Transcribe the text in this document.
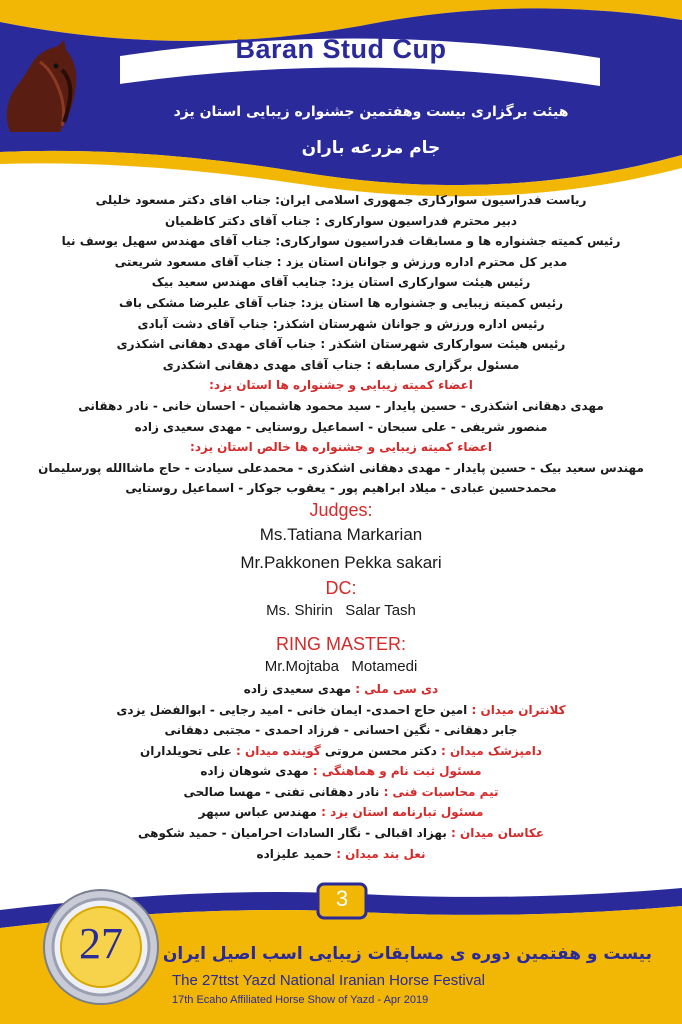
Baran Stud Cup
هیئت برگزاری بیست وهفتمین جشنواره زیبایی استان یزد
جام مزرعه باران
ریاست فدراسیون سوارکاری جمهوری اسلامی ایران: جناب اقای دکتر مسعود خلیلی
دبیر محترم فدراسیون سوارکاری : جناب آقای دکتر کاظمیان
رئیس کمیته جشنواره ها و مسابقات فدراسیون سوارکاری: جناب آقای مهندس سهیل یوسف نیا
مدیر کل محترم اداره ورزش و جوانان استان یزد : جناب آقای مسعود شریعتی
رئیس هیئت سوارکاری استان یزد: جنایب آقای مهندس سعید بیک
رئیس کمیته زیبایی و جشنواره ها استان یزد: جناب آقای علیرضا مشکی باف
رئیس اداره ورزش و جوانان شهرستان اشکذر: جناب آقای دشت آبادی
رئیس هیئت سوارکاری شهرستان اشکذر : جناب آقای مهدی دهقانی اشکذری
مسئول برگزاری مسابقه : جناب آقای مهدی دهقانی اشکذری
اعضاء کمیته زیبایی و جشنواره ها استان یزد:
مهدی دهقانی اشکذری - حسین پایدار - سید محمود هاشمیان - احسان خانی - نادر دهقانی
منصور شریفی - علی سبحان - اسماعیل روستایی - مهدی سعیدی زاده
اعضاء کمیته زیبایی و جشنواره ها خالص استان یزد:
مهندس سعید بیک - حسین پایدار - مهدی دهقانی اشکذری - محمدعلی سیادت - حاج ماشاالله پورسلیمان
محمدحسین عبادی - میلاد ابراهیم پور - یعقوب جوکار - اسماعیل روستایی
Judges:
Ms.Tatiana Markarian
Mr.Pakkonen Pekka sakari
DC:
Ms. Shirin   Salar Tash
RING MASTER:
Mr.Mojtaba   Motamedi
دی سی ملی : مهدی سعیدی زاده
کلانتران میدان : امین حاج احمدی- ایمان خانی - امید رجایی - ابوالفضل یزدی
جابر دهقانی - نگین احسانی - فرزاد احمدی - مجتبی دهقانی
دامپزشک میدان : دکتر محسن مروتی گوینده میدان : علی تحویلداران
مسئول ثبت نام و هماهنگی : مهدی شوهان زاده
تیم محاسبات فنی : نادر دهقانی تفتی - مهسا صالحی
مسئول تبارنامه استان یزد : مهندس عباس سپهر
عکاسان میدان : بهزاد اقبالی - نگار السادات احرامیان - حمید شکوهی
نعل بند میدان : حمید علیزاده
3
27	بیست و هفتمین دوره ی مسابقات زیبایی اسب اصیل ایران
The 27ttst Yazd National Iranian Horse Festival
17th Ecaho Affiliated Horse Show of Yazd - Apr 2019
